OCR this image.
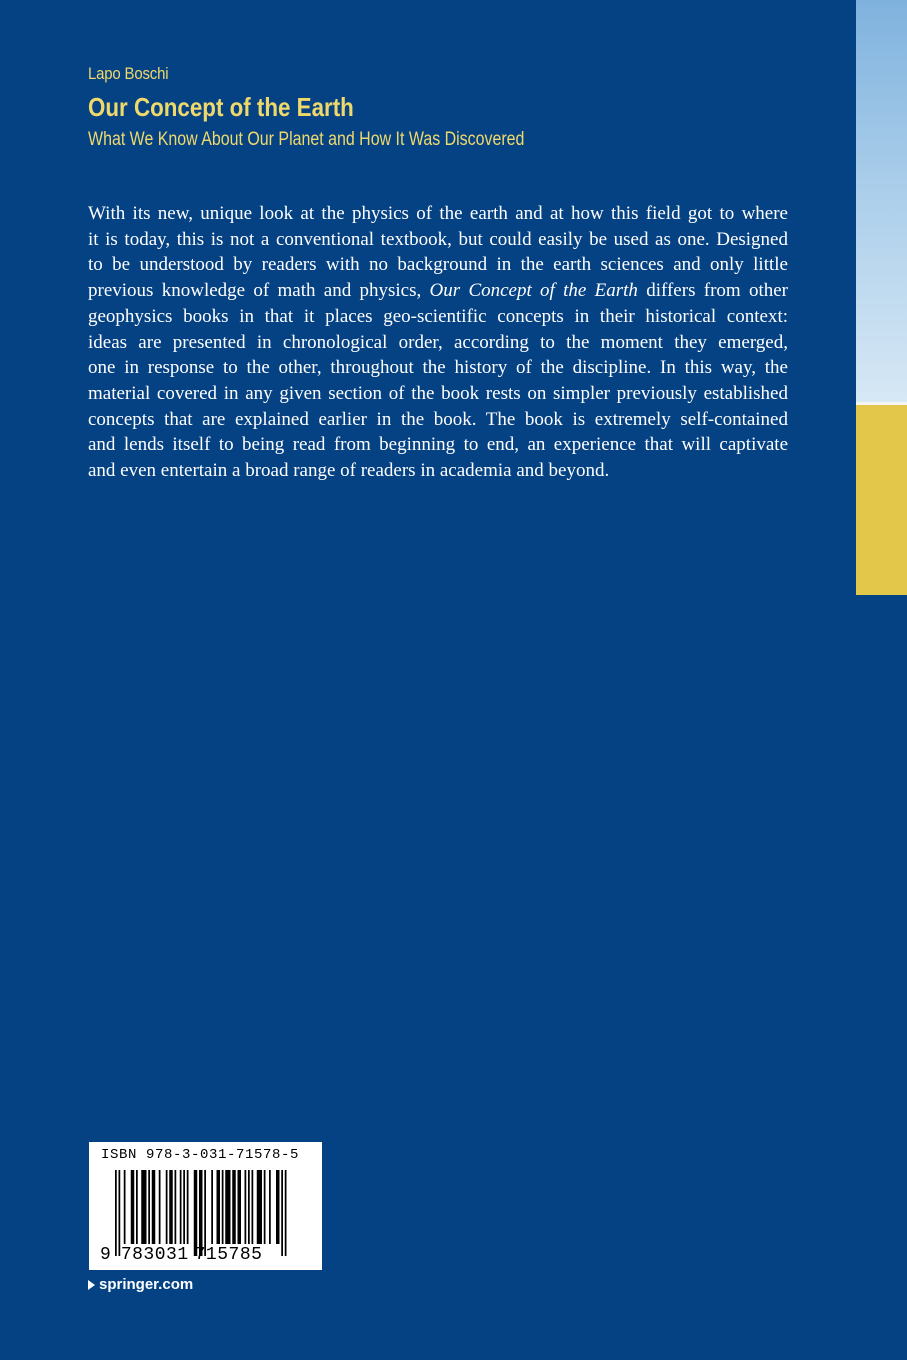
Lapo Boschi
Our Concept of the Earth
What We Know About Our Planet and How It Was Discovered
With its new, unique look at the physics of the earth and at how this field got to where
it is today, this is not a conventional textbook, but could easily be used as one. Designed
to be understood by readers with no background in the earth sciences and only little
previous knowledge of math and physics, Our Concept of the Earth differs from other
geophysics books in that it places geo-scientific concepts in their historical context:
ideas are presented in chronological order, according to the moment they emerged,
one in response to the other, throughout the history of the discipline. In this way, the
material covered in any given section of the book rests on simpler previously established
concepts that are explained earlier in the book. The book is extremely self-contained
and lends itself to being read from beginning to end, an experience that will captivate
and even entertain a broad range of readers in academia and beyond.
ISBN 978-3-031-71578-5
9 783031 715785
springer.com
